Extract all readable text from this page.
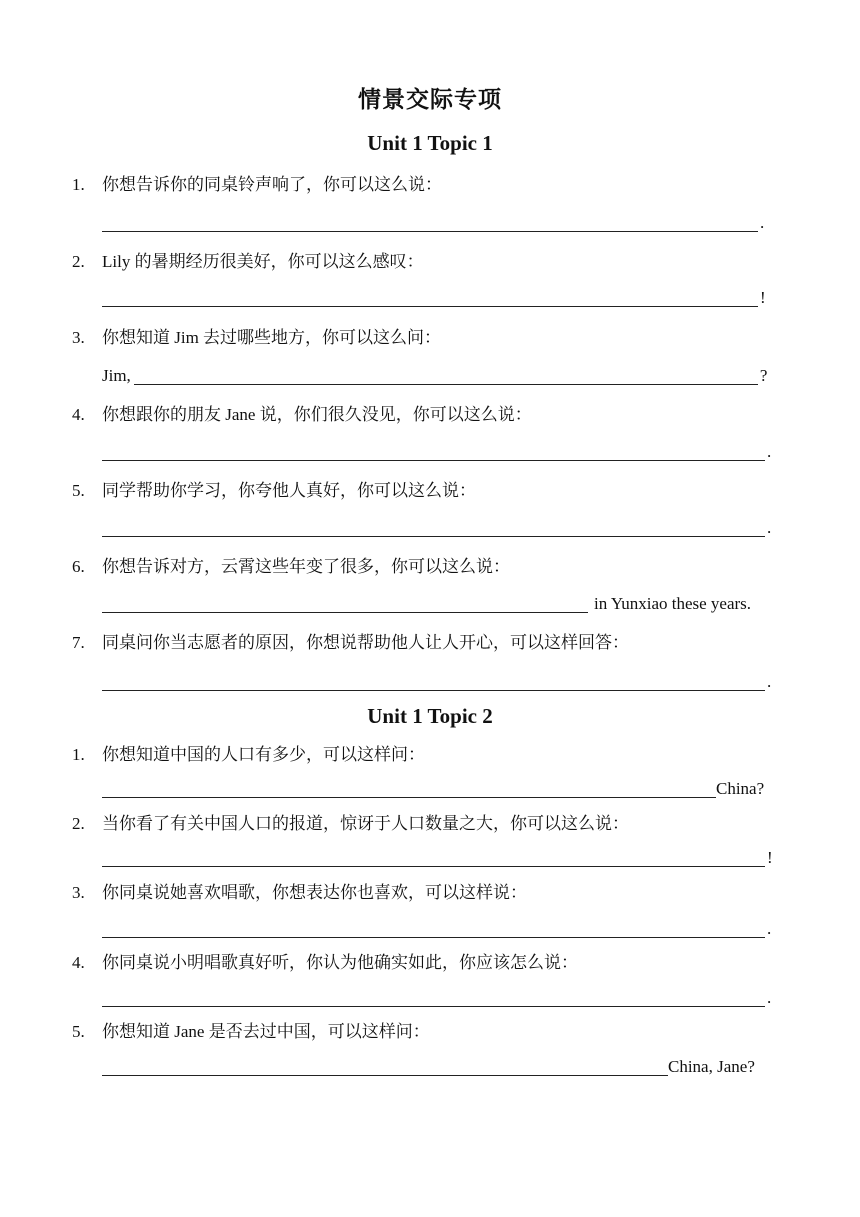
情景交际专项
Unit 1 Topic 1
1. 你想告诉你的同桌铃声响了，你可以这么说：
.
2. Lily 的暑期经历很美好，你可以这么感叹：
!
3. 你想知道 Jim 去过哪些地方，你可以这么问：
Jim,	?
4. 你想跟你的朋友 Jane 说，你们很久没见，你可以这么说：
.
5. 同学帮助你学习，你夸他人真好，你可以这么说：
.
6. 你想告诉对方，云霄这些年变了很多，你可以这么说：
in Yunxiao these years.
7. 同桌问你当志愿者的原因，你想说帮助他人让人开心，可以这样回答：
.
Unit 1 Topic 2
1. 你想知道中国的人口有多少，可以这样问：
China?
2. 当你看了有关中国人口的报道，惊讶于人口数量之大，你可以这么说：
!
3. 你同桌说她喜欢唱歌，你想表达你也喜欢，可以这样说：
.
4. 你同桌说小明唱歌真好听，你认为他确实如此，你应该怎么说：
.
5. 你想知道 Jane 是否去过中国，可以这样问：
China, Jane?
